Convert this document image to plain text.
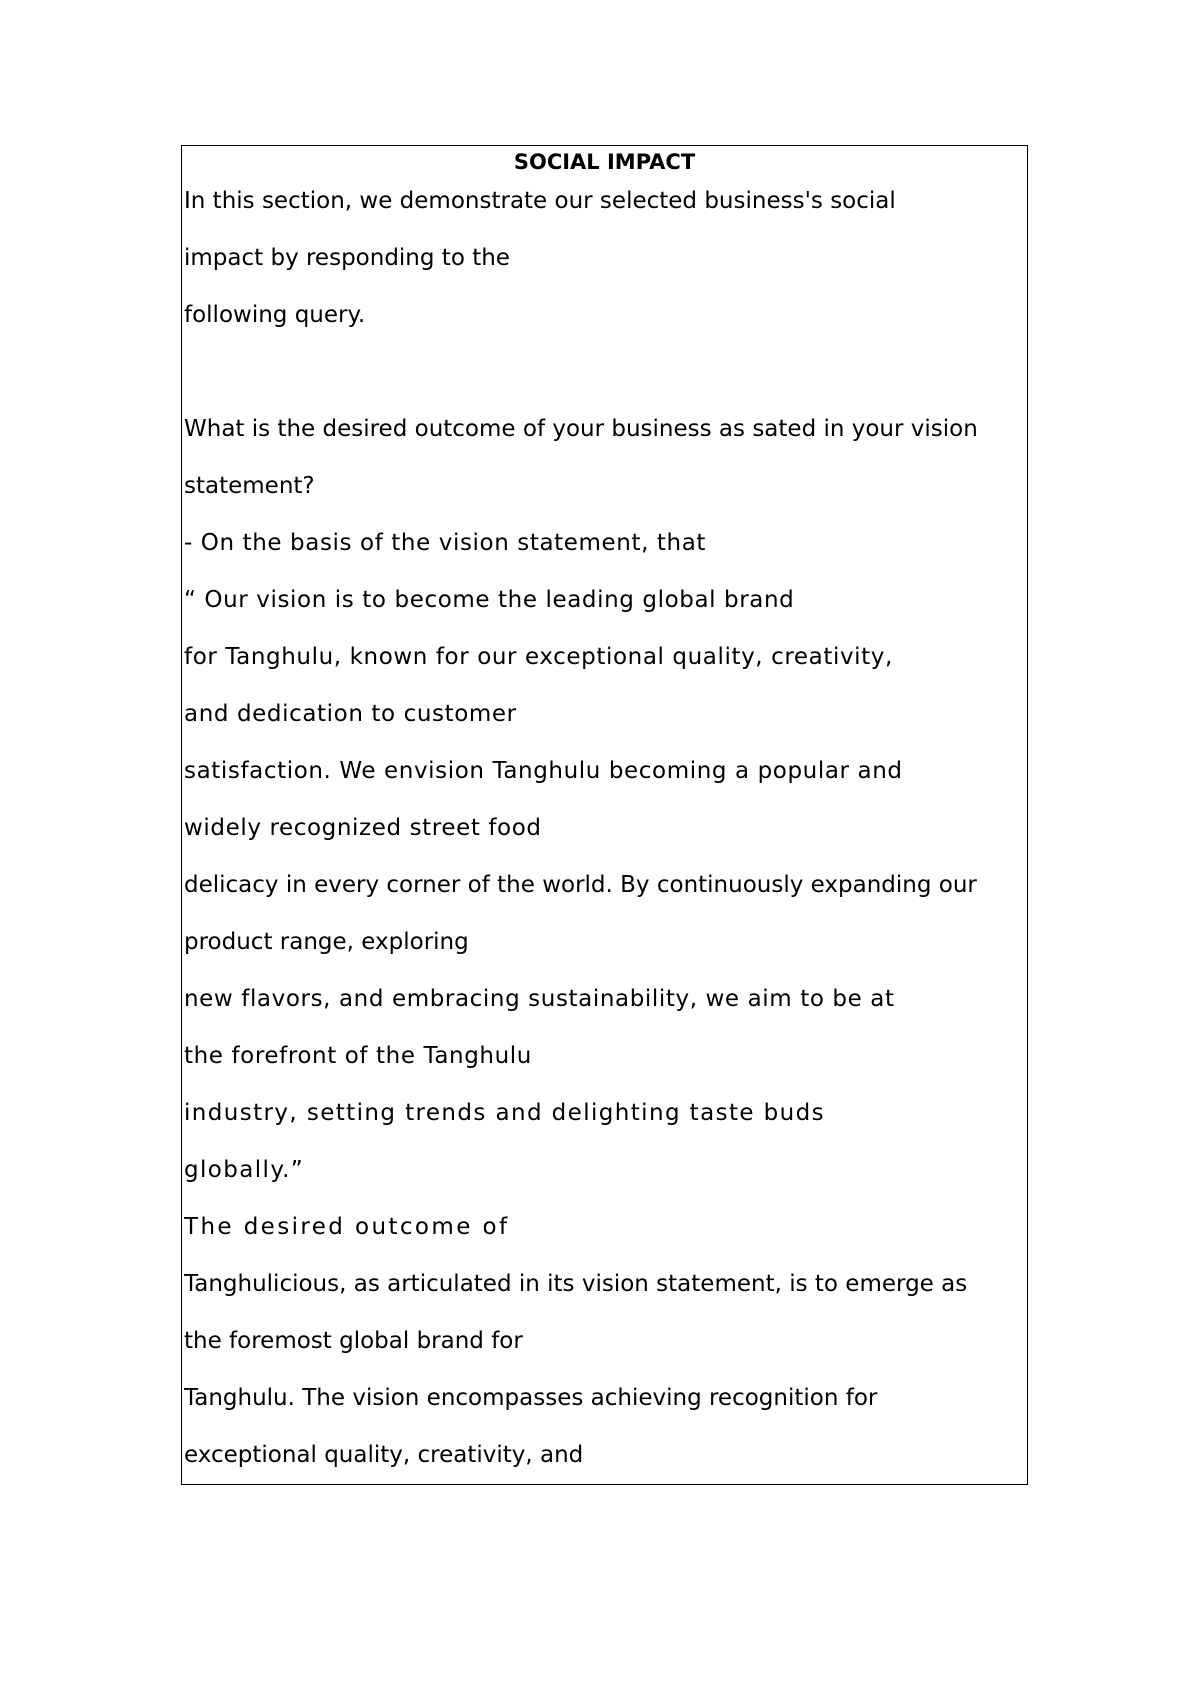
SOCIAL IMPACT
In this section, we demonstrate our selected business's social
impact by responding to the
following query.
What is the desired outcome of your business as sated in your vision
statement?
- On the basis of the vision statement, that
“ Our vision is to become the leading global brand
for Tanghulu, known for our exceptional quality, creativity,
and dedication to customer
satisfaction. We envision Tanghulu becoming a popular and
widely recognized street food
delicacy in every corner of the world. By continuously expanding our
product range, exploring
new flavors, and embracing sustainability, we aim to be at
the forefront of the Tanghulu
industry, setting trends and delighting taste buds
globally.”
The desired outcome of
Tanghulicious, as articulated in its vision statement, is to emerge as
the foremost global brand for
Tanghulu. The vision encompasses achieving recognition for
exceptional quality, creativity, and
